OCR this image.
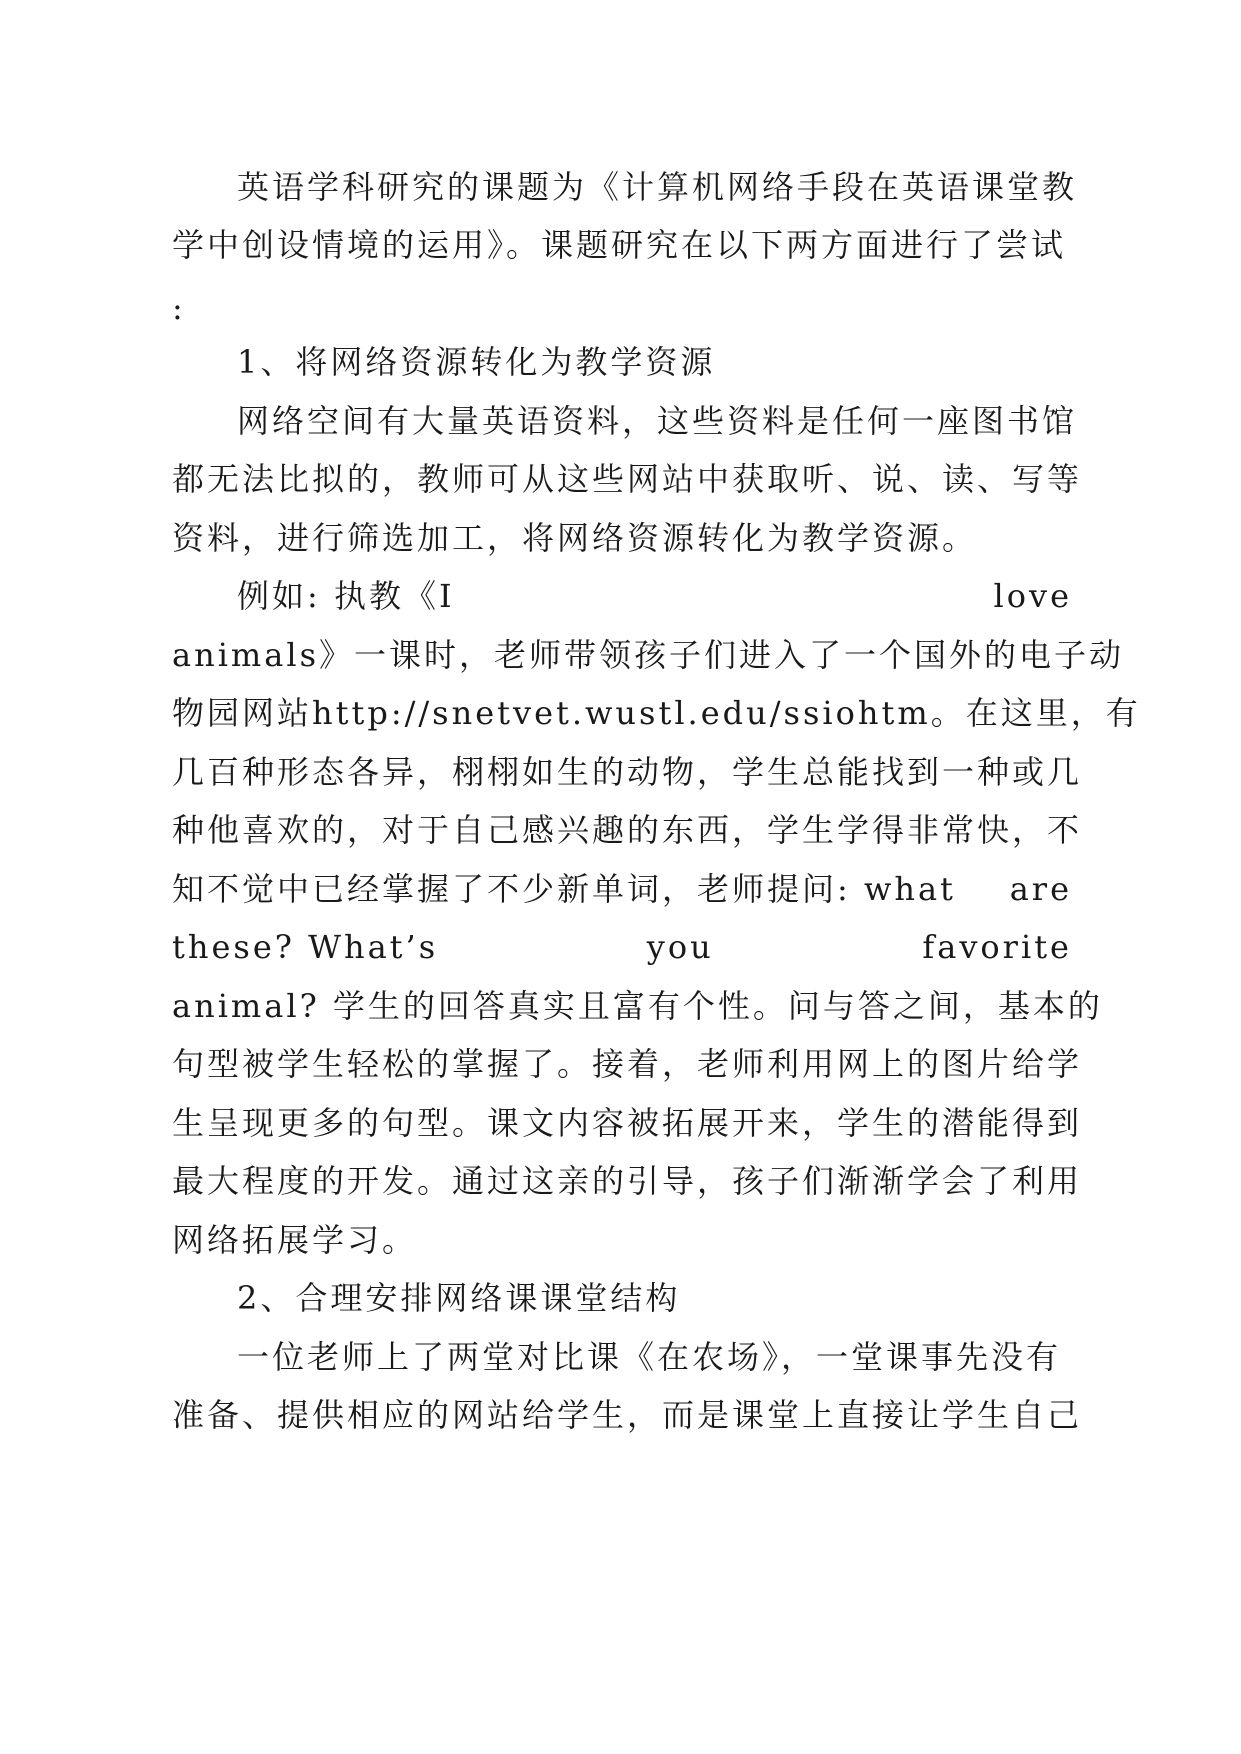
英语学科研究的课题为《计算机网络手段在英语课堂教
学中创设情境的运用》。课题研究在以下两方面进行了尝试
:
1、将网络资源转化为教学资源
网络空间有大量英语资料，这些资料是任何一座图书馆
都无法比拟的，教师可从这些网站中获取听、说、读、写等
资料，进行筛选加工，将网络资源转化为教学资源。
例如: 执教《I	love
animals》一课时，老师带领孩子们进入了一个国外的电子动
物园网站http://snetvet.wustl.edu/ssiohtm。在这里，有
几百种形态各异，栩栩如生的动物，学生总能找到一种或几
种他喜欢的，对于自己感兴趣的东西，学生学得非常快，不
知不觉中已经掌握了不少新单词，老师提问: what are
these? What’s	you	favorite
animal? 学生的回答真实且富有个性。问与答之间，基本的
句型被学生轻松的掌握了。接着，老师利用网上的图片给学
生呈现更多的句型。课文内容被拓展开来，学生的潜能得到
最大程度的开发。通过这亲的引导，孩子们渐渐学会了利用
网络拓展学习。
2、合理安排网络课课堂结构
一位老师上了两堂对比课《在农场》，一堂课事先没有
准备、提供相应的网站给学生，而是课堂上直接让学生自己
